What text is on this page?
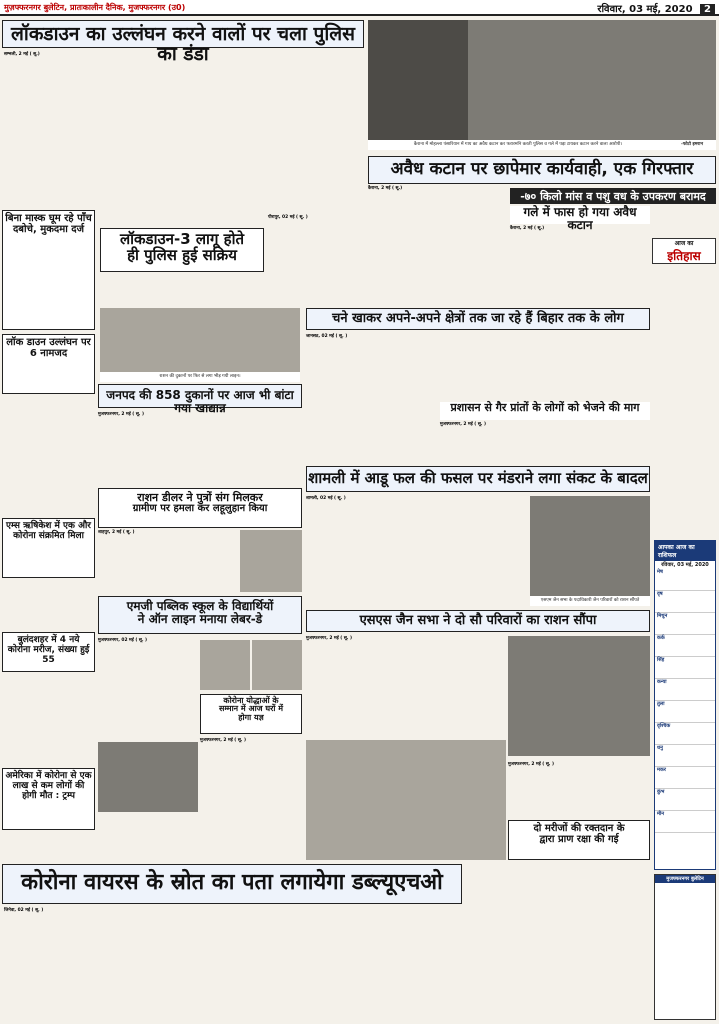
मुज़फ्फरनगर बुलेटिन, प्रातःकालीन दैनिक, मुजफ्फरनगर (उ0)	रविवार, 03 मई, 2020 2
लॉकडाउन का उल्लंघन करने वालों पर चला पुलिस का डंडा
कैराना में मोहल्ला पंसारियान में गाय का अवैध कटान कर फरारमनि करती पुलिस व गले में पड़ा टायकर कटान करने वाला आरोपी।	-फोटो इमरान
सम्भली, 2 मई ( सू.)
बिना मास्क घूम रहे पाँच दबोचे, मुकदमा दर्ज
लॉक डाउन उल्लंघन पर 6 नामजद
एम्स ऋषिकेश में एक और कोरोना संक्रमित मिला
बुलंदशहर में 4 नये कोरोना मरीज, संख्या हुई 55
अमेरिका में कोरोना से एक लाख से कम लोगों की होगी मौत : ट्रम्प
लॉकडाउन-3 लागू होते
ही पुलिस हुई सक्रिय
पीरापुर, 02 मई ( सू. )
राशन की दुकानों पर फिर से लगा भीड़ गयी लाइन।
अवैध कटान पर छापेमार कार्यवाही, एक गिरफ्तार
-७० किलो मांस व पशु वध के उपकरण बरामद
कैराना, 2 मई ( सू.)
गले में फास हो गया अवैध कटान
कैराना, 2 मई ( सू.)
आज का
इतिहास
चने खाकर अपने-अपने क्षेत्रों तक जा रहे हैं बिहार तक के लोग
जानसठ, 02 मई ( सू. )
प्रशासन से गैर प्रांतों के लोगों को भेजने की माग
मुजफ्फरनगर, 2 मई ( सू. )
जनपद की 858 दुकानों पर आज भी बांटा गया खाद्यान्न
मुजफ्फरनगर, 2 मई ( सू. )
राशन डीलर ने पुत्रों संग मिलकर
ग्रामीण पर हमला कर लहूलुहान किया
शाहपुर, 2 मई ( सू. )
शामली में आडू फल की फसल पर मंडराने लगा संकट के बादल
शामली, 02 मई ( सू. )
एसएम जैन सभा के पदाधिकारी जैन परिवारों को राशन सौंपते
आपका आज का राशिफल
रविवार, 03 मई, 2020
मेष
वृष
मिथुन
कर्क
सिंह
कन्या
तुला
वृश्चिक
धनु
मकर
कुंभ
मीन
एमजी पब्लिक स्कूल के विद्यार्थियों
ने ऑन लाइन मनाया लेबर-डे
मुजफ्फरनगर, 02 मई ( सू. )
कोरोना योद्धाओं के
सम्मान में आज घरों में
होगा यज्ञ
मुजफ्फरनगर, 2 मई ( सू. )
एसएस जैन सभा ने दो सौ परिवारों का राशन सौंपा
मुजफ्फरनगर, 2 मई ( सू. )
दो मरीजों की रक्तदान के
द्वारा प्राण रक्षा की गई
मुजफ्फरनगर, 2 मई ( सू. )
कोरोना वायरस के स्रोत का पता लगायेगा डब्ल्यूएचओ
जिनेवा, 02 मई ( सू. )
मुजफ्फरनगर बुलेटिन
